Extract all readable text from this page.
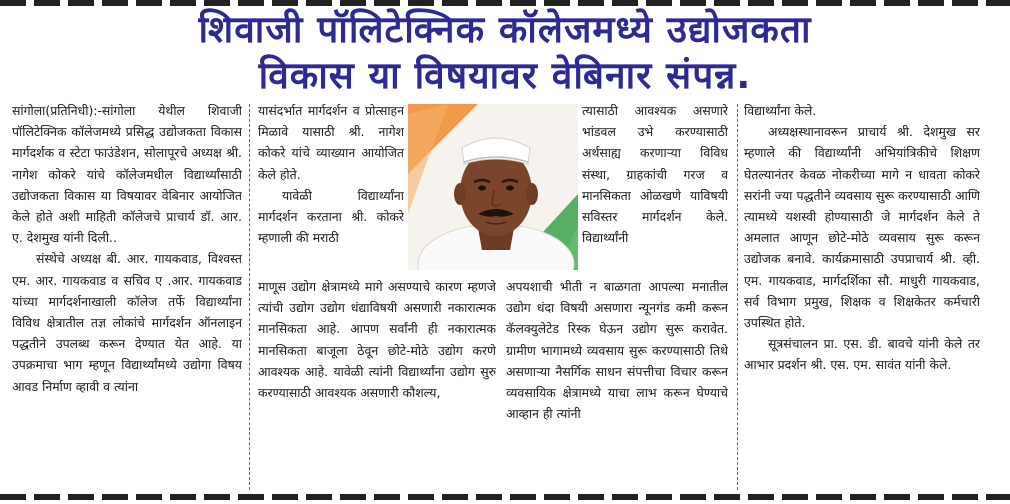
शिवाजी पॉलिटेक्निक कॉलेजमध्ये उद्योजकता
विकास या विषयावर वेबिनार संपन्न.

सांगोला(प्रतिनिधी):-सांगोला येथील शिवाजी पॉलिटेक्निक कॉलेजमध्ये प्रसिद्ध उद्योजकता विकास मार्गदर्शक व स्टेटा फाउंडेशन, सोलापूरचे अध्यक्ष श्री. नागेश कोकरे यांचे कॉलेजमधील विद्यार्थ्यांसाठी उद्योजकता विकास या विषयावर वेबिनार आयोजित केले होते अशी माहिती कॉलेजचे प्राचार्य डॉ. आर. ए. देशमुख यांनी दिली..

संस्थेचे अध्यक्ष बी. आर. गायकवाड, विश्वस्त एम. आर. गायकवाड व सचिव ए .आर. गायकवाड यांच्या मार्गदर्शनाखाली कॉलेज तर्फे विद्यार्थ्यांना विविध क्षेत्रातील तज्ञ लोकांचे मार्गदर्शन ऑनलाइन पद्धतीने उपलब्ध करून देण्यात येत आहे. या उपक्रमाचा भाग म्हणून विद्यार्थ्यांमध्ये उद्योगा विषय आवड निर्माण व्हावी व त्यांना

यासंदर्भात मार्गदर्शन व प्रोत्साहन मिळावे यासाठी श्री. नागेश कोकरे यांचे व्याख्यान आयोजित केले होते.

यावेळी विद्यार्थ्यांना मार्गदर्शन करताना श्री. कोकरे म्हणाली की मराठी

माणूस उद्योग क्षेत्रामध्ये मागे असण्याचे कारण म्हणजे त्यांची उद्योग उद्योग धंद्याविषयी असणारी नकारात्मक मानसिकता आहे. आपण सर्वांनी ही नकारात्मक मानसिकता बाजूला ठेवून छोटे-मोठे उद्योग करणे आवश्यक आहे. यावेळी त्यांनी विद्यार्थ्यांना उद्योग सुरु करण्यासाठी आवश्यक असणारी कौशल्य,

त्यासाठी आवश्यक असणारे भांडवल उभे करण्यासाठी अर्थसाह्य करणाऱ्या विविध संस्था, ग्राहकांची गरज व मानसिकता ओळखणे याविषयी सविस्तर मार्गदर्शन केले. विद्यार्थ्यांनी

अपयशाची भीती न बाळगता आपल्या मनातील उद्योग धंदा विषयी असणारा न्यूनगंड कमी करून कॅलक्युलेटेड रिस्क घेऊन उद्योग सुरू करावेत. ग्रामीण भागामध्ये व्यवसाय सुरू करण्यासाठी तिथे असणाऱ्या नैसर्गिक साधन संपत्तीचा विचार करून व्यवसायिक क्षेत्रामध्ये याचा लाभ करून घेण्याचे आव्हान ही त्यांनी

विद्यार्थ्यांना केले.

अध्यक्षस्थानावरून प्राचार्य श्री. देशमुख सर म्हणाले की विद्यार्थ्यांनी अभियांत्रिकीचे शिक्षण घेतल्यानंतर केवळ नोकरीच्या मागे न धावता कोकरे सरांनी ज्या पद्धतीने व्यवसाय सुरू करण्यासाठी आणि त्यामध्ये यशस्वी होण्यासाठी जे मार्गदर्शन केले ते अमलात आणून छोटे-मोठे व्यवसाय सुरू करून उद्योजक बनावे. कार्यक्रमासाठी उपप्राचार्य श्री. व्ही. एम. गायकवाड, मार्गदर्शिका सौ. माधुरी गायकवाड, सर्व विभाग प्रमुख, शिक्षक व शिक्षकेतर कर्मचारी उपस्थित होते.

सूत्रसंचालन प्रा. एस. डी. बावचे यांनी केले तर आभार प्रदर्शन श्री. एस. एम. सावंत यांनी केले.
